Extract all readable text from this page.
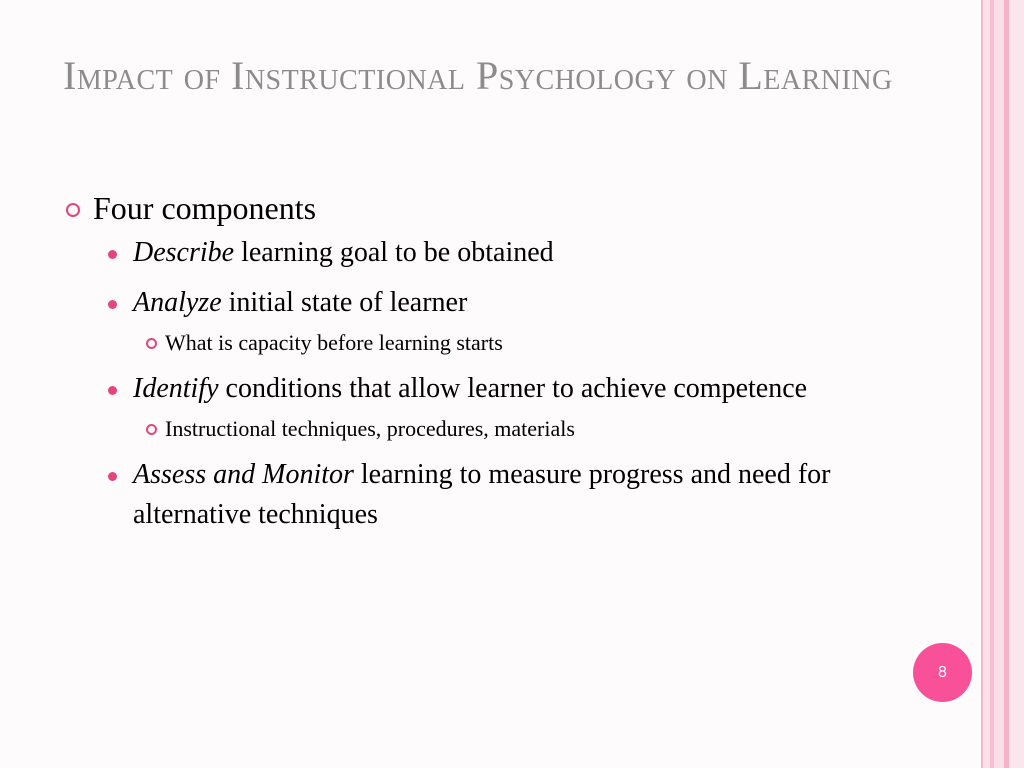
Impact of Instructional Psychology on Learning
Four components
Describe learning goal to be obtained
Analyze initial state of learner
What is capacity before learning starts
Identify conditions that allow learner to achieve competence
Instructional techniques, procedures, materials
Assess and Monitor learning to measure progress and need for alternative techniques
8
